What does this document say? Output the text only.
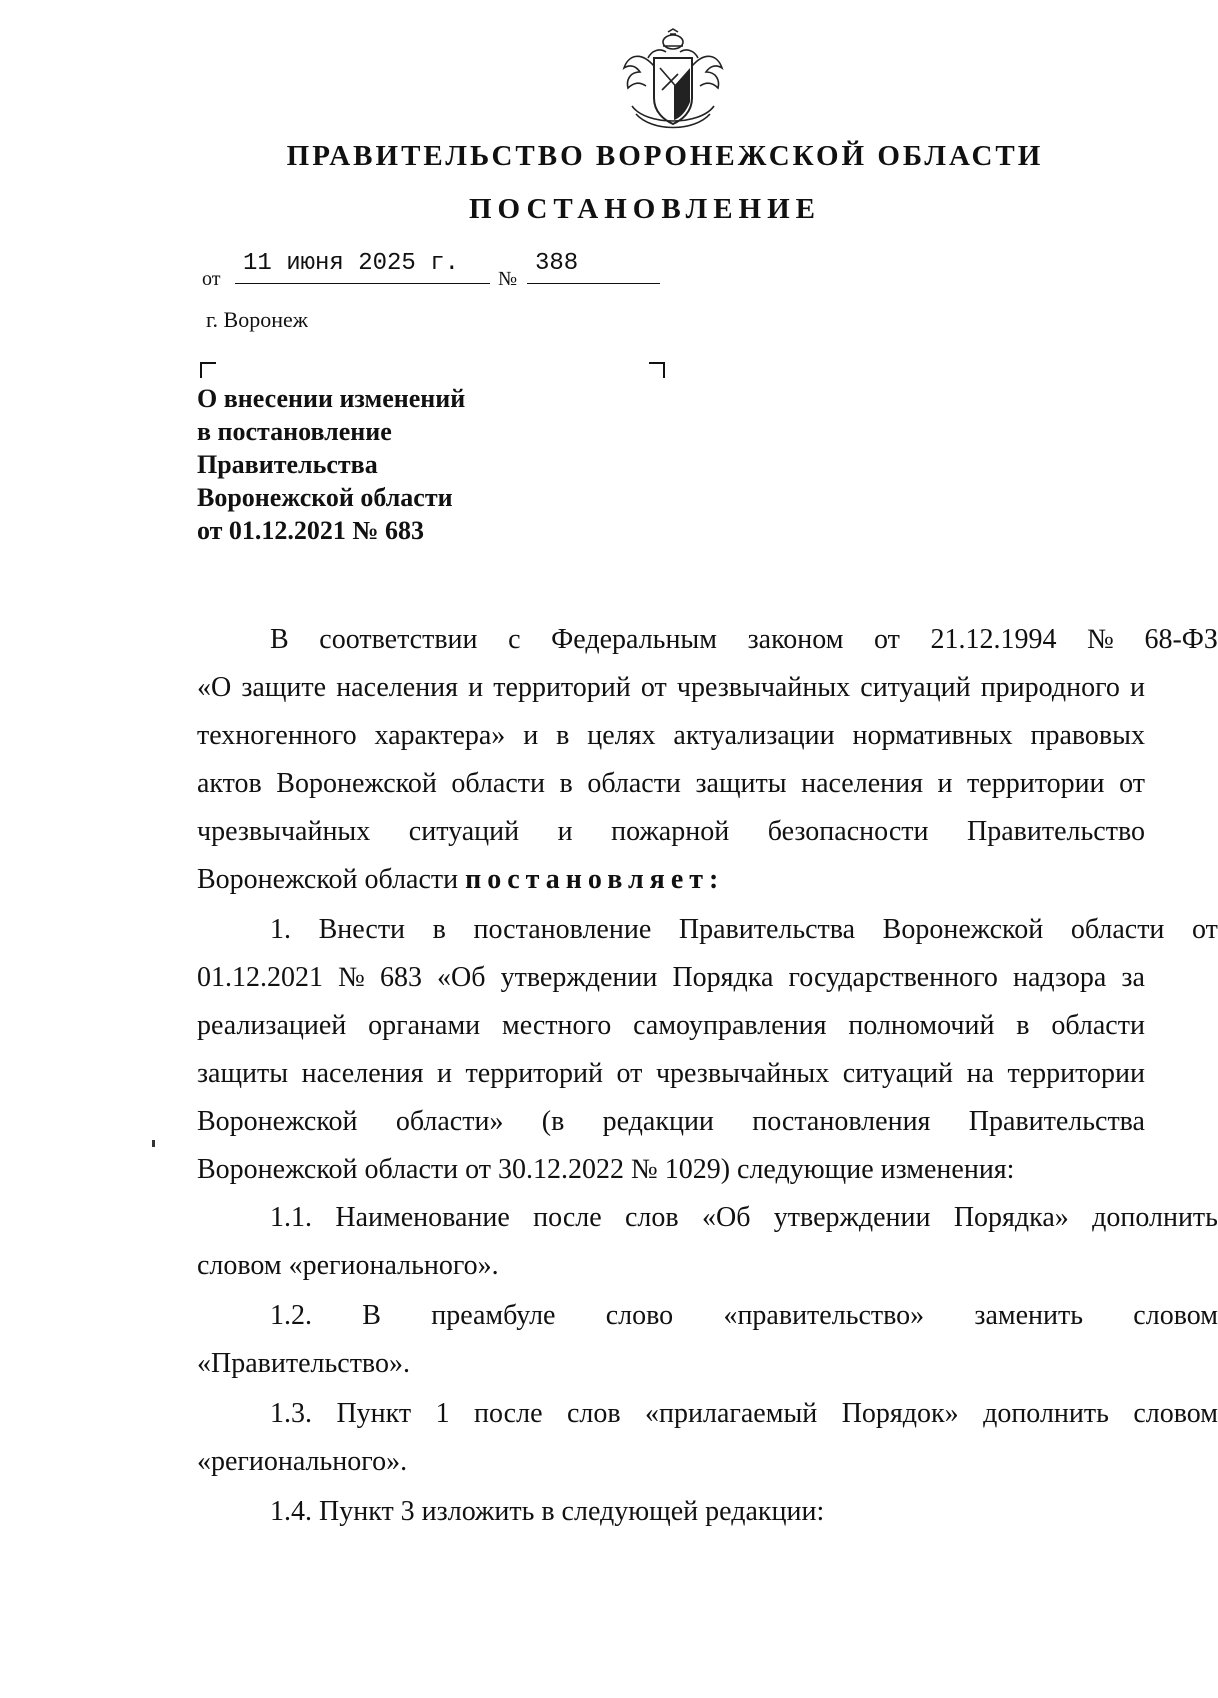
ПРАВИТЕЛЬСТВО ВОРОНЕЖСКОЙ ОБЛАСТИ
ПОСТАНОВЛЕНИЕ
от
11 июня 2025 г.
№
388
г. Воронеж
О внесении изменений
в постановление
Правительства
Воронежской области
от 01.12.2021 № 683
В соответствии с Федеральным законом от 21.12.1994 № 68-ФЗ
«О защите населения и территорий от чрезвычайных ситуаций природного и
техногенного характера» и в целях актуализации нормативных правовых
актов Воронежской области в области защиты населения и территории от
чрезвычайных ситуаций и пожарной безопасности Правительство
Воронежской области постановляет:
1. Внести в постановление Правительства Воронежской области от
01.12.2021 № 683 «Об утверждении Порядка государственного надзора за
реализацией органами местного самоуправления полномочий в области
защиты населения и территорий от чрезвычайных ситуаций на территории
Воронежской области» (в редакции постановления Правительства
Воронежской области от 30.12.2022 № 1029) следующие изменения:
1.1. Наименование после слов «Об утверждении Порядка» дополнить
словом «регионального».
1.2. В преамбуле слово «правительство» заменить словом
«Правительство».
1.3. Пункт 1 после слов «прилагаемый Порядок» дополнить словом
«регионального».
1.4. Пункт 3 изложить в следующей редакции:
